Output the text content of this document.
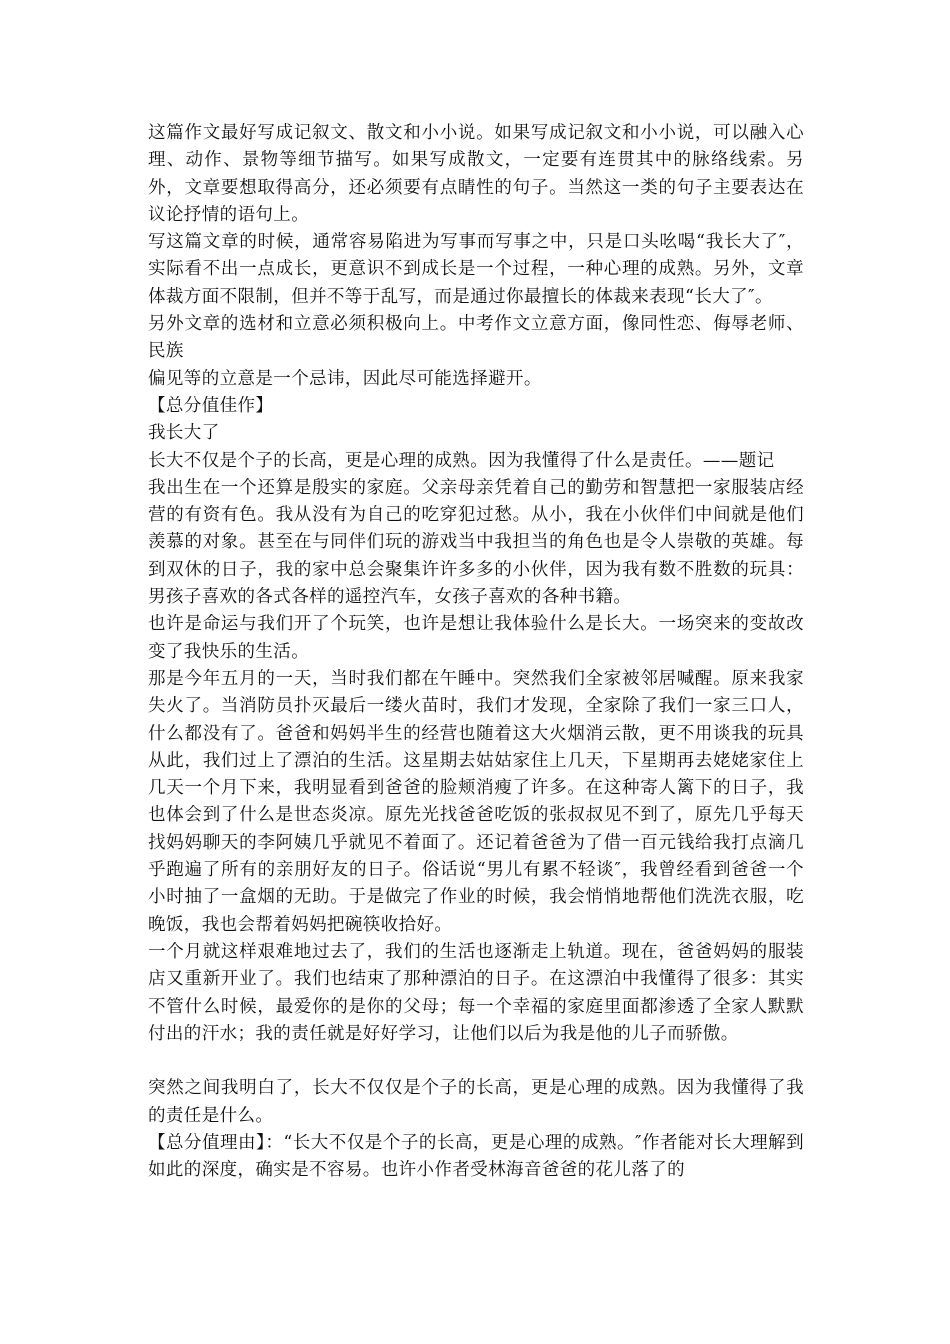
这篇作文最好写成记叙文、散文和小小说。如果写成记叙文和小小说，可以融入心理、动作、景物等细节描写。如果写成散文，一定要有连贯其中的脉络线索。另外，文章要想取得高分，还必须要有点睛性的句子。当然这一类的句子主要表达在议论抒情的语句上。

写这篇文章的时候，通常容易陷进为写事而写事之中，只是口头吆喝“我长大了″，实际看不出一点成长，更意识不到成长是一个过程，一种心理的成熟。另外，文章体裁方面不限制，但并不等于乱写，而是通过你最擅长的体裁来表现“长大了″。

另外文章的选材和立意必须积极向上。中考作文立意方面，像同性恋、侮辱老师、民族

偏见等的立意是一个忌讳，因此尽可能选择避开。

【总分值佳作】

我长大了

长大不仅是个子的长高，更是心理的成熟。因为我懂得了什么是责任。——题记

我出生在一个还算是殷实的家庭。父亲母亲凭着自己的勤劳和智慧把一家服装店经营的有资有色。我从没有为自己的吃穿犯过愁。从小，我在小伙伴们中间就是他们羡慕的对象。甚至在与同伴们玩的游戏当中我担当的角色也是令人崇敬的英雄。每到双休的日子，我的家中总会聚集许许多多的小伙伴，因为我有数不胜数的玩具：男孩子喜欢的各式各样的遥控汽车，女孩子喜欢的各种书籍。

也许是命运与我们开了个玩笑，也许是想让我体验什么是长大。一场突来的变故改变了我快乐的生活。

那是今年五月的一天，当时我们都在午睡中。突然我们全家被邻居喊醒。原来我家失火了。当消防员扑灭最后一缕火苗时，我们才发现，全家除了我们一家三口人，什么都没有了。爸爸和妈妈半生的经营也随着这大火烟消云散，更不用谈我的玩具从此，我们过上了漂泊的生活。这星期去姑姑家住上几天，下星期再去姥姥家住上几天一个月下来，我明显看到爸爸的脸颊消瘦了许多。在这种寄人篱下的日子，我也体会到了什么是世态炎凉。原先光找爸爸吃饭的张叔叔见不到了，原先几乎每天找妈妈聊天的李阿姨几乎就见不着面了。还记着爸爸为了借一百元钱给我打点滴几乎跑遍了所有的亲朋好友的日子。俗话说“男儿有累不轻谈″，我曾经看到爸爸一个小时抽了一盒烟的无助。于是做完了作业的时候，我会悄悄地帮他们洗洗衣服，吃晚饭，我也会帮着妈妈把碗筷收拾好。

一个月就这样艰难地过去了，我们的生活也逐渐走上轨道。现在，爸爸妈妈的服装店又重新开业了。我们也结束了那种漂泊的日子。在这漂泊中我懂得了很多：其实不管什么时候，最爱你的是你的父母；每一个幸福的家庭里面都渗透了全家人默默付出的汗水；我的责任就是好好学习，让他们以后为我是他的儿子而骄傲。

突然之间我明白了，长大不仅仅是个子的长高，更是心理的成熟。因为我懂得了我的责任是什么。

【总分值理由】：“长大不仅是个子的长高，更是心理的成熟。″作者能对长大理解到如此的深度，确实是不容易。也许小作者受林海音爸爸的花儿落了的
